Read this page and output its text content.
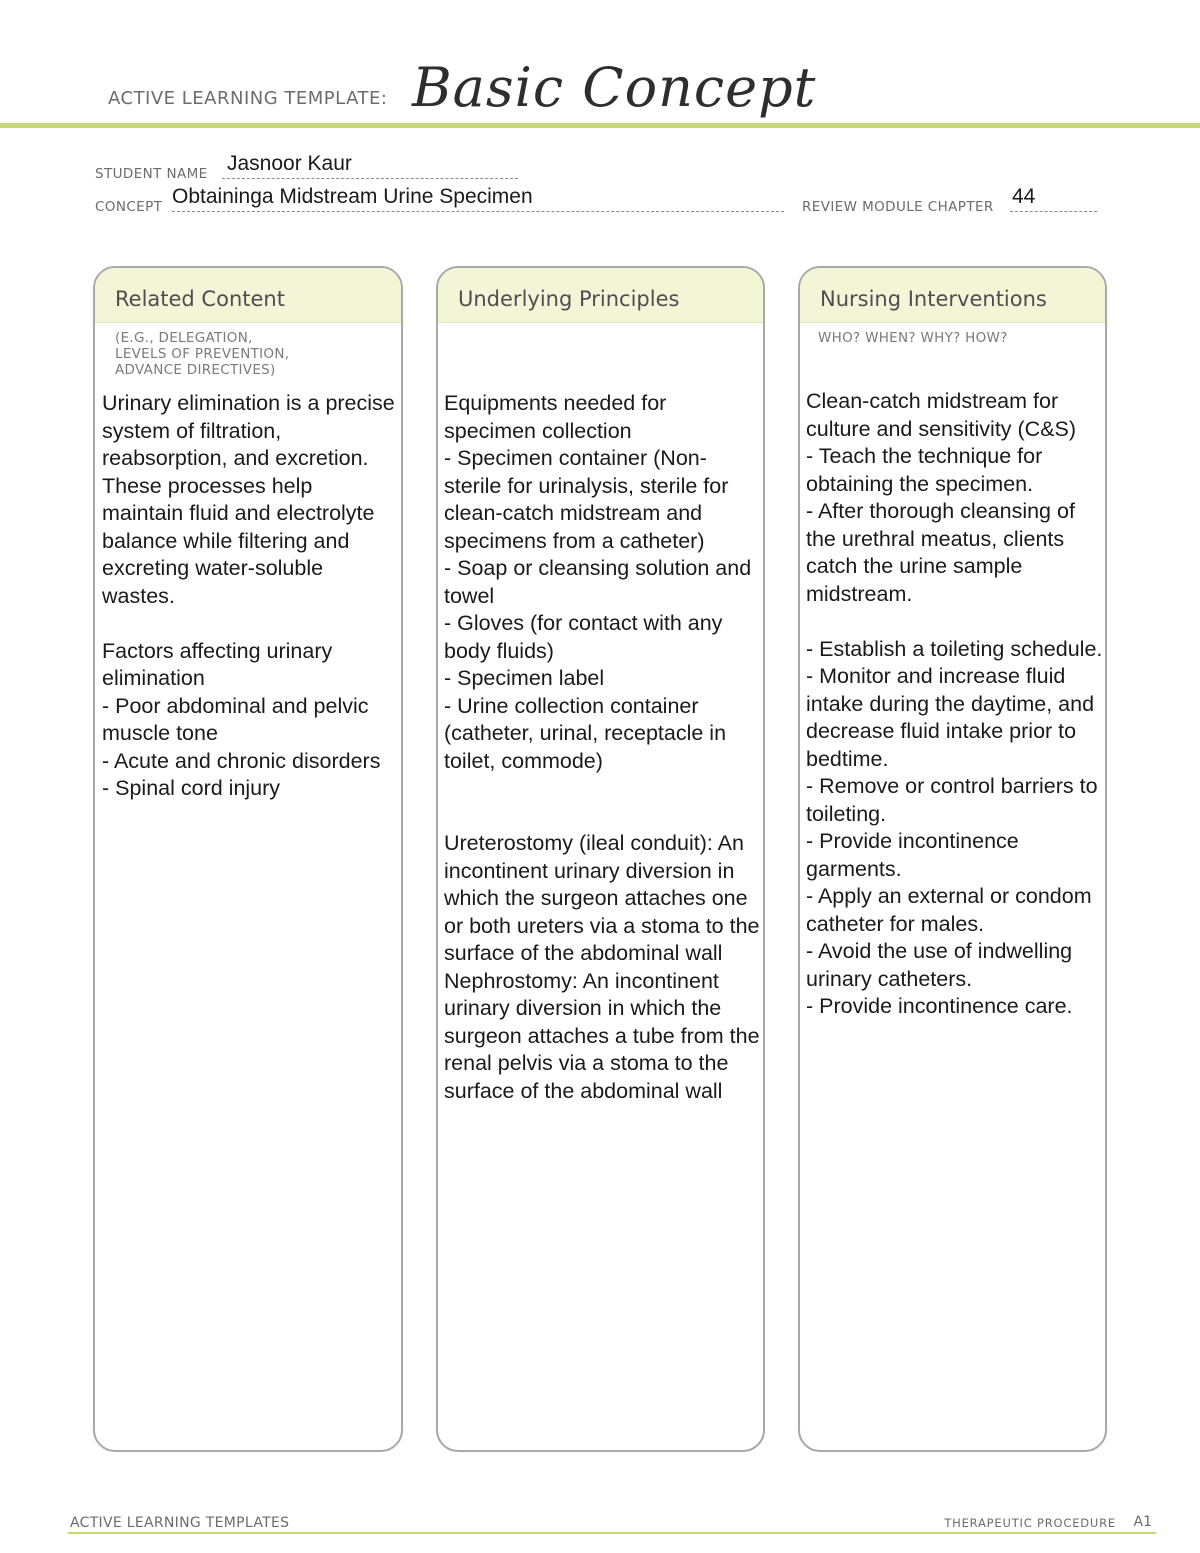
ACTIVE LEARNING TEMPLATE: Basic Concept
STUDENT NAME Jasnoor Kaur
CONCEPT Obtaininga Midstream Urine Specimen	REVIEW MODULE CHAPTER 44
Related Content
(E.G., DELEGATION,
LEVELS OF PREVENTION,
ADVANCE DIRECTIVES)

Urinary elimination is a precise system of filtration, reabsorption, and excretion. These processes help maintain fluid and electrolyte balance while filtering and excreting water-soluble wastes.

Factors affecting urinary elimination

- Poor abdominal and pelvic muscle tone

- Acute and chronic disorders

- Spinal cord injury

Underlying Principles

Equipments needed for specimen collection

- Specimen container (Non-sterile for urinalysis, sterile for clean-catch midstream and specimens from a catheter)

- Soap or cleansing solution and towel

- Gloves (for contact with any body fluids)

- Specimen label

- Urine collection container (catheter, urinal, receptacle in toilet, commode)

Ureterostomy (ileal conduit): An incontinent urinary diversion in which the surgeon attaches one or both ureters via a stoma to the surface of the abdominal wall Nephrostomy: An incontinent urinary diversion in which the surgeon attaches a tube from the renal pelvis via a stoma to the surface of the abdominal wall

Nursing Interventions
WHO? WHEN? WHY? HOW?

Clean-catch midstream for culture and sensitivity (C&S)

- Teach the technique for obtaining the specimen.

- After thorough cleansing of the urethral meatus, clients catch the urine sample midstream.

- Establish a toileting schedule.

- Monitor and increase fluid intake during the daytime, and decrease fluid intake prior to bedtime.

- Remove or control barriers to toileting.

- Provide incontinence garments.

- Apply an external or condom catheter for males.

- Avoid the use of indwelling urinary catheters.

- Provide incontinence care.

ACTIVE LEARNING TEMPLATES	THERAPEUTIC PROCEDURE A1
